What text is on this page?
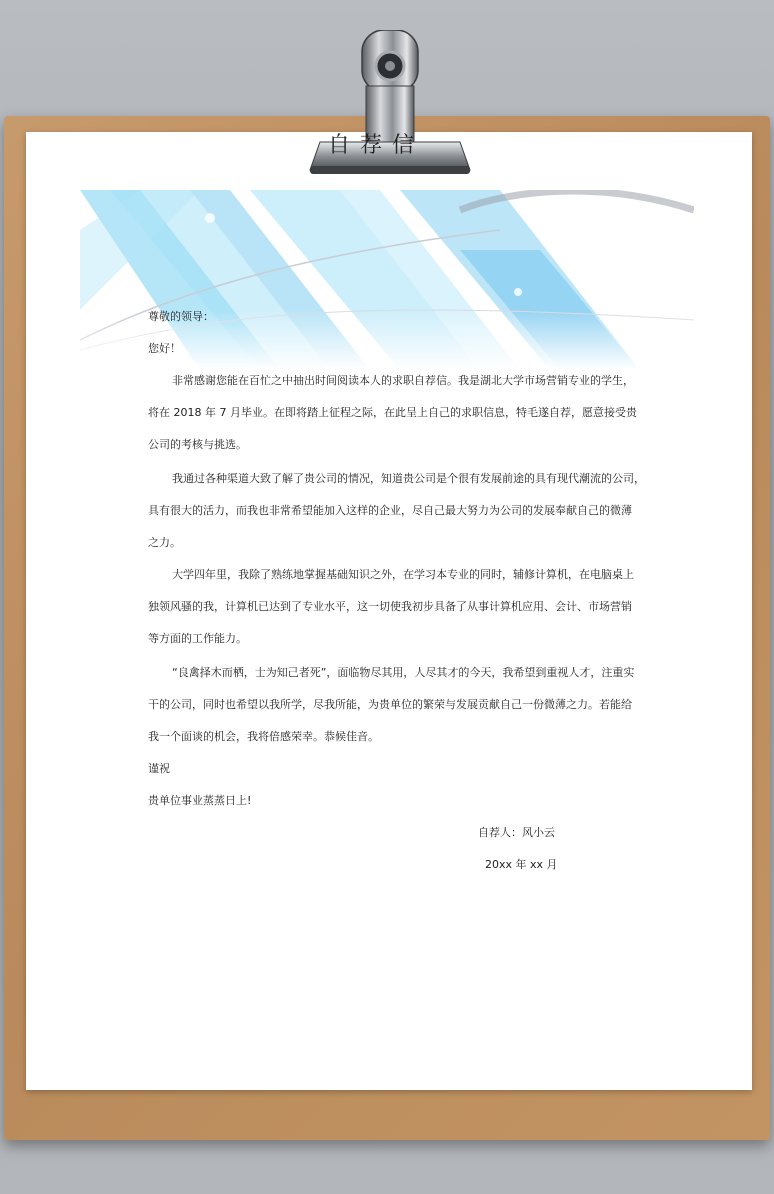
自荐信
尊敬的领导：
您好！
非常感谢您能在百忙之中抽出时间阅读本人的求职自荐信。我是湖北大学市场营销专业的学生，
将在 2018 年 7 月毕业。在即将踏上征程之际，在此呈上自己的求职信息，特毛遂自荐，愿意接受贵
公司的考核与挑选。
我通过各种渠道大致了解了贵公司的情况，知道贵公司是个很有发展前途的具有现代潮流的公司，
具有很大的活力，而我也非常希望能加入这样的企业，尽自己最大努力为公司的发展奉献自己的微薄
之力。
大学四年里，我除了熟练地掌握基础知识之外，在学习本专业的同时，辅修计算机，在电脑桌上
独领风骚的我，计算机已达到了专业水平，这一切使我初步具备了从事计算机应用、会计、市场营销
等方面的工作能力。
“良禽择木而栖，士为知己者死”，面临物尽其用，人尽其才的今天，我希望到重视人才，注重实
干的公司，同时也希望以我所学，尽我所能，为贵单位的繁荣与发展贡献自己一份微薄之力。若能给
我一个面谈的机会，我将倍感荣幸。恭候佳音。
谨祝
贵单位事业蒸蒸日上!
自荐人：风小云
20xx 年 xx 月
